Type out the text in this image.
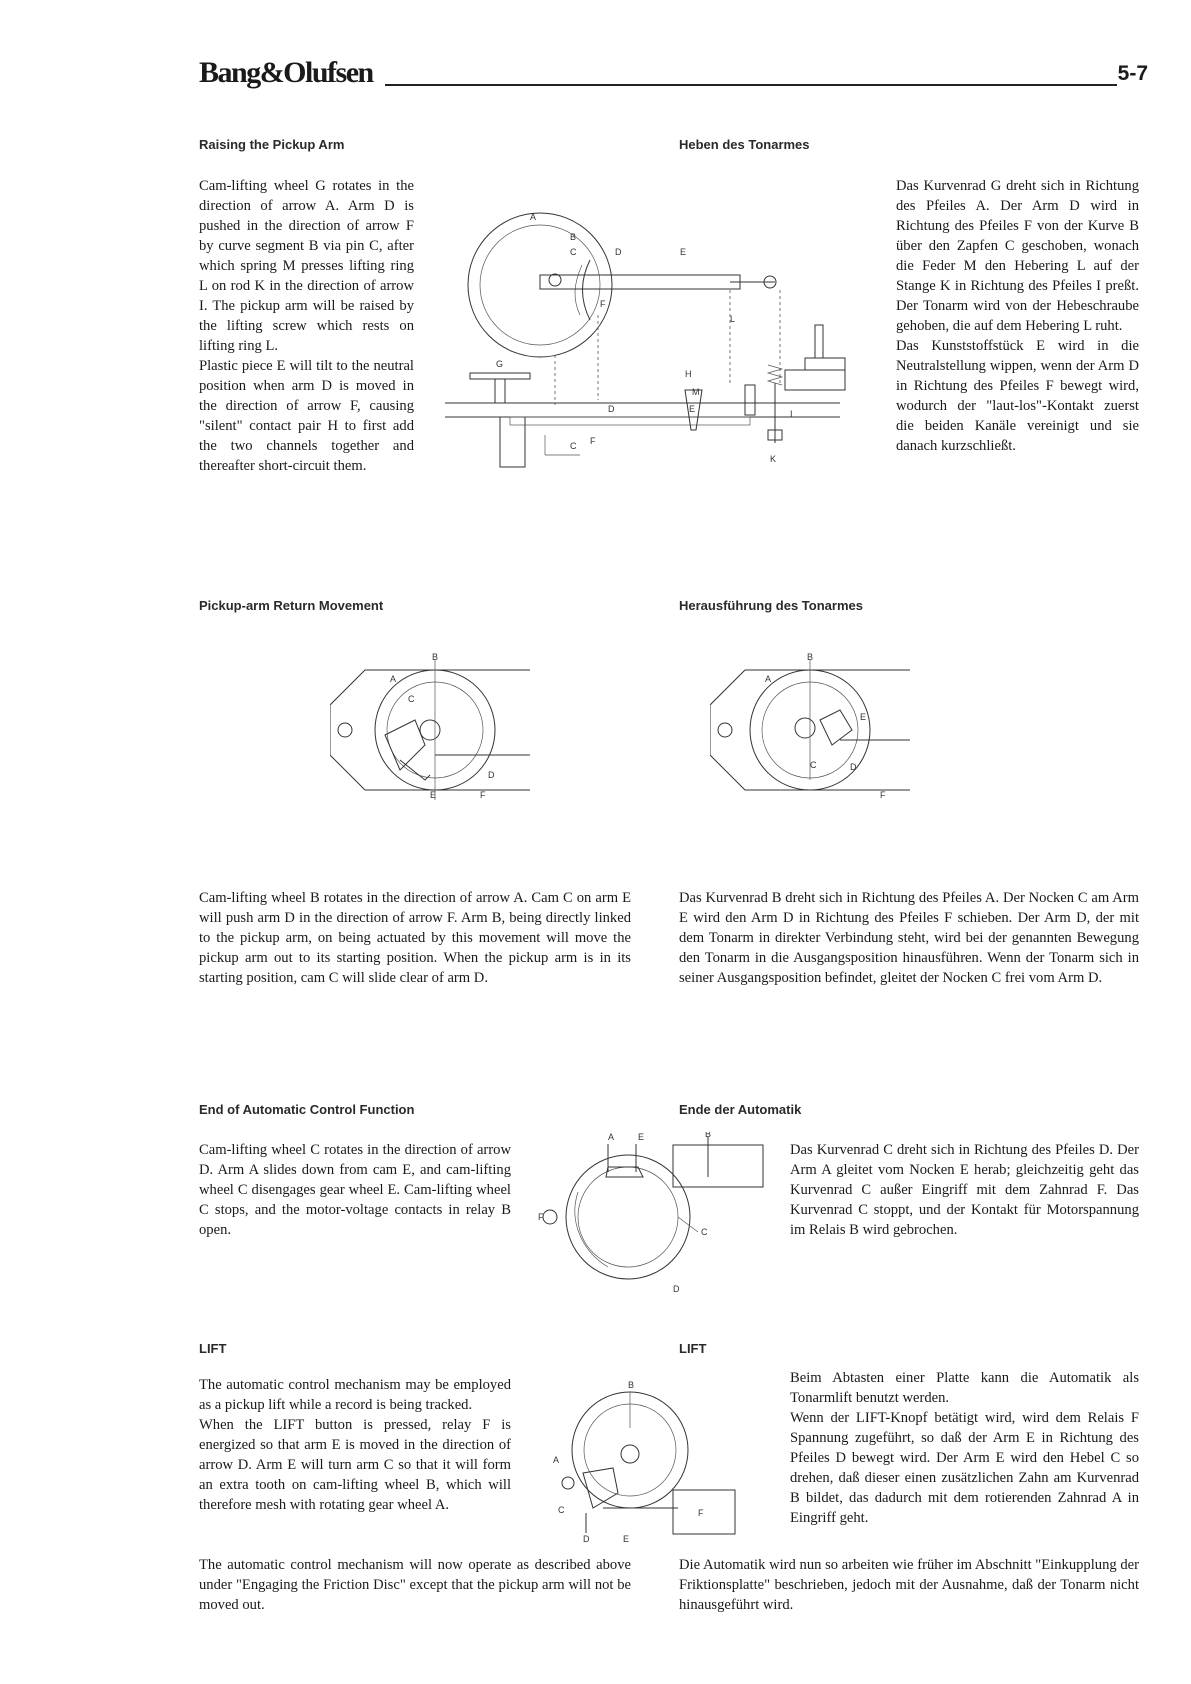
Bang&Olufsen	5-7
Raising the Pickup Arm	Heben des Tonarmes

Cam-lifting wheel G rotates in the direction of arrow A. Arm D is pushed in the direction of arrow F by curve segment B via pin C, after which spring M presses lifting ring L on rod K in the direction of arrow I. The pickup arm will be raised by the lifting screw which rests on lifting ring L.

Plastic piece E will tilt to the neutral position when arm D is moved in the direction of arrow F, causing "silent" contact pair H to first add the two channels together and thereafter short-circuit them.

Das Kurvenrad G dreht sich in Richtung des Pfeiles A. Der Arm D wird in Richtung des Pfeiles F von der Kurve B über den Zapfen C geschoben, wonach die Feder M den Hebering L auf der Stange K in Richtung des Pfeiles I preßt. Der Tonarm wird von der Hebeschraube gehoben, die auf dem Hebering L ruht.

Das Kunststoffstück E wird in die Neutralstellung wippen, wenn der Arm D in Richtung des Pfeiles F bewegt wird, wodurch der "laut-los"-Kontakt zuerst die beiden Kanäle vereinigt und sie danach kurzschließt.

A
B
C	D	E
F
L
G
H
M
D	E	I
C F
K
Pickup-arm Return Movement	Herausführung des Tonarmes
B
A
C
D
E	F
B
A
C	D
E
F
Cam-lifting wheel B rotates in the direction of arrow A. Cam C on arm E will push arm D in the direction of arrow F. Arm B, being directly linked to the pickup arm, on being actuated by this movement will move the pickup arm out to its starting position. When the pickup arm is in its starting position, cam C will slide clear of arm D.
Das Kurvenrad B dreht sich in Richtung des Pfeiles A. Der Nocken C am Arm E wird den Arm D in Richtung des Pfeiles F schieben. Der Arm D, der mit dem Tonarm in direkter Verbindung steht, wird bei der genannten Bewegung den Tonarm in die Ausgangsposition hinausführen. Wenn der Tonarm sich in seiner Ausgangsposition befindet, gleitet der Nocken C frei vom Arm D.
End of Automatic Control Function	Ende der Automatik
Cam-lifting wheel C rotates in the direction of arrow D. Arm A slides down from cam E, and cam-lifting wheel C disengages gear wheel E. Cam-lifting wheel C stops, and the motor-voltage contacts in relay B open.
A	E	B
F
C
D
Das Kurvenrad C dreht sich in Richtung des Pfeiles D. Der Arm A gleitet vom Nocken E herab; gleichzeitig geht das Kurvenrad C außer Eingriff mit dem Zahnrad F. Das Kurvenrad C stoppt, und der Kontakt für Motorspannung im Relais B wird gebrochen.
LIFT	LIFT

The automatic control mechanism may be employed as a pickup lift while a record is being tracked.

When the LIFT button is pressed, relay F is energized so that arm E is moved in the direction of arrow D. Arm E will turn arm C so that it will form an extra tooth on cam-lifting wheel B, which will therefore mesh with rotating gear wheel A.

The automatic control mechanism will now operate as described above under "Engaging the Friction Disc" except that the pickup arm will not be moved out.
B
A
C
D	E
F

Beim Abtasten einer Platte kann die Automatik als Tonarmlift benutzt werden.

Wenn der LIFT-Knopf betätigt wird, wird dem Relais F Spannung zugeführt, so daß der Arm E in Richtung des Pfeiles D bewegt wird. Der Arm E wird den Hebel C so drehen, daß dieser einen zusätzlichen Zahn am Kurvenrad B bildet, das dadurch mit dem rotierenden Zahnrad A in Eingriff geht.

Die Automatik wird nun so arbeiten wie früher im Abschnitt "Einkupplung der Friktionsplatte" beschrieben, jedoch mit der Ausnahme, daß der Tonarm nicht hinausgeführt wird.
